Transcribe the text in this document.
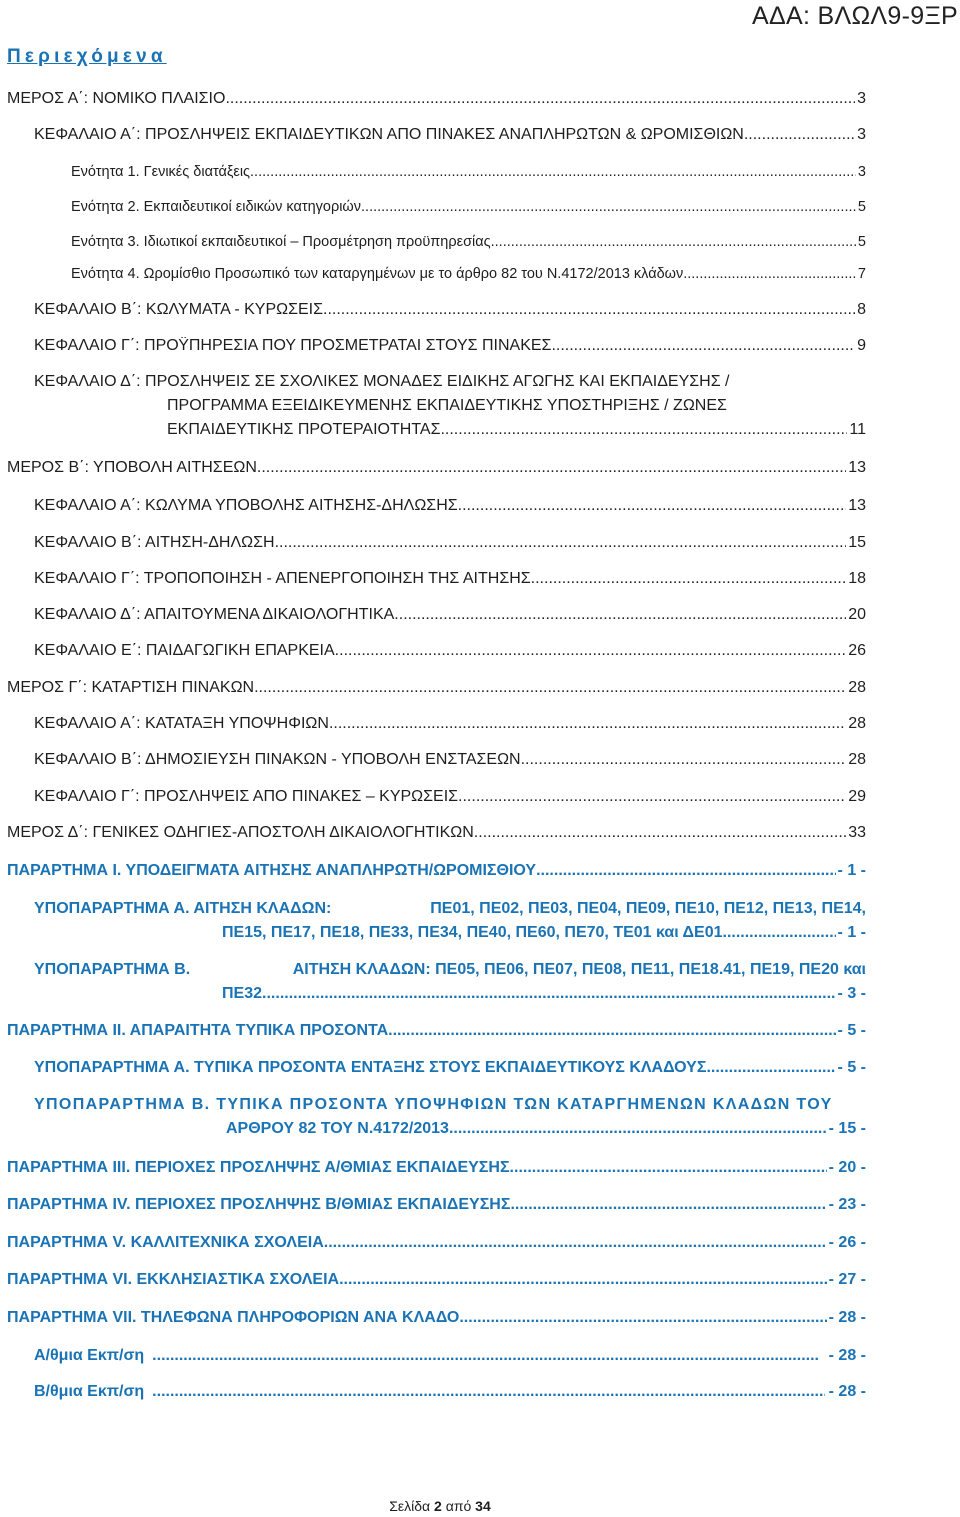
ΑΔΑ: ΒΛΩΛ9-9ΞΡ
Περιεχόμενα
ΜΕΡΟΣ Α΄: ΝΟΜΙΚΟ ΠΛΑΙΣΙΟ .....	3
ΚΕΦΑΛΑΙΟ Α΄: ΠΡΟΣΛΗΨΕΙΣ ΕΚΠΑΙΔΕΥΤΙΚΩΝ ΑΠΟ ΠΙΝΑΚΕΣ ΑΝΑΠΛΗΡΩΤΩΝ & ΩΡΟΜΙΣΘΙΩΝ .....	3
Ενότητα 1. Γενικές διατάξεις .....	3
Ενότητα 2. Εκπαιδευτικοί ειδικών κατηγοριών .....	5
Ενότητα 3. Ιδιωτικοί εκπαιδευτικοί – Προσμέτρηση προϋπηρεσίας .....	5
Ενότητα 4. Ωρομίσθιο Προσωπικό των καταργημένων με το άρθρο 82 του Ν.4172/2013 κλάδων .....	7
ΚΕΦΑΛΑΙΟ Β΄: ΚΩΛΥΜΑΤΑ - ΚΥΡΩΣΕΙΣ .....	8
ΚΕΦΑΛΑΙΟ Γ΄: ΠΡΟΫΠΗΡΕΣΙΑ ΠΟΥ ΠΡΟΣΜΕΤΡΑΤΑΙ ΣΤΟΥΣ ΠΙΝΑΚΕΣ .....	9
ΚΕΦΑΛΑΙΟ Δ΄: ΠΡΟΣΛΗΨΕΙΣ ΣΕ ΣΧΟΛΙΚΕΣ ΜΟΝΑΔΕΣ ΕΙΔΙΚΗΣ ΑΓΩΓΗΣ ΚΑΙ ΕΚΠΑΙΔΕΥΣΗΣ /
ΠΡΟΓΡΑΜΜΑ ΕΞΕΙΔΙΚΕΥΜΕΝΗΣ ΕΚΠΑΙΔΕΥΤΙΚΗΣ ΥΠΟΣΤΗΡΙΞΗΣ / ΖΩΝΕΣ
ΕΚΠΑΙΔΕΥΤΙΚΗΣ ΠΡΟΤΕΡΑΙΟΤΗΤΑΣ .....	11
ΜΕΡΟΣ Β΄: ΥΠΟΒΟΛΗ ΑΙΤΗΣΕΩΝ .....	13
ΚΕΦΑΛΑΙΟ Α΄: ΚΩΛΥΜΑ ΥΠΟΒΟΛΗΣ ΑΙΤΗΣΗΣ-ΔΗΛΩΣΗΣ .....	13
ΚΕΦΑΛΑΙΟ Β΄: ΑΙΤΗΣΗ-ΔΗΛΩΣΗ .....	15
ΚΕΦΑΛΑΙΟ Γ΄: ΤΡΟΠΟΠΟΙΗΣΗ - ΑΠΕΝΕΡΓΟΠΟΙΗΣΗ ΤΗΣ ΑΙΤΗΣΗΣ .....	18
ΚΕΦΑΛΑΙΟ Δ΄: ΑΠΑΙΤΟΥΜΕΝΑ ΔΙΚΑΙΟΛΟΓΗΤΙΚΑ .....	20
ΚΕΦΑΛΑΙΟ Ε΄: ΠΑΙΔΑΓΩΓΙΚΗ ΕΠΑΡΚΕΙΑ .....	26
ΜΕΡΟΣ Γ΄: ΚΑΤΑΡΤΙΣΗ ΠΙΝΑΚΩΝ .....	28
ΚΕΦΑΛΑΙΟ Α΄: ΚΑΤΑΤΑΞΗ ΥΠΟΨΗΦΙΩΝ .....	28
ΚΕΦΑΛΑΙΟ Β΄: ΔΗΜΟΣΙΕΥΣΗ ΠΙΝΑΚΩΝ - ΥΠΟΒΟΛΗ ΕΝΣΤΑΣΕΩΝ .....	28
ΚΕΦΑΛΑΙΟ Γ΄: ΠΡΟΣΛΗΨΕΙΣ ΑΠΟ ΠΙΝΑΚΕΣ – ΚΥΡΩΣΕΙΣ .....	29
ΜΕΡΟΣ Δ΄: ΓΕΝΙΚΕΣ ΟΔΗΓΙΕΣ-ΑΠΟΣΤΟΛΗ ΔΙΚΑΙΟΛΟΓΗΤΙΚΩΝ .....	33
ΠΑΡΑΡΤΗΜΑ Ι. ΥΠΟΔΕΙΓΜΑΤΑ ΑΙΤΗΣΗΣ ΑΝΑΠΛΗΡΩΤΗ/ΩΡΟΜΙΣΘΙΟΥ .....	- 1 -
ΥΠΟΠΑΡΑΡΤΗΜΑ Α. ΑΙΤΗΣΗ ΚΛΑΔΩΝ:	ΠΕ01, ΠΕ02, ΠΕ03, ΠΕ04, ΠΕ09, ΠΕ10, ΠΕ12, ΠΕ13, ΠΕ14,
ΠΕ15, ΠΕ17, ΠΕ18, ΠΕ33, ΠΕ34, ΠΕ40, ΠΕ60, ΠΕ70, ΤΕ01 και ΔΕ01 .....	- 1 -
ΥΠΟΠΑΡΑΡΤΗΜΑ Β.	ΑΙΤΗΣΗ ΚΛΑΔΩΝ: ΠΕ05, ΠΕ06, ΠΕ07, ΠΕ08, ΠΕ11, ΠΕ18.41, ΠΕ19, ΠΕ20 και
ΠΕ32 .....	- 3 -
ΠΑΡΑΡΤΗΜΑ ΙΙ. ΑΠΑΡΑΙΤΗΤΑ ΤΥΠΙΚΑ ΠΡΟΣΟΝΤΑ .....	- 5 -
ΥΠΟΠΑΡΑΡΤΗΜΑ Α. ΤΥΠΙΚΑ ΠΡΟΣΟΝΤΑ ΕΝΤΑΞΗΣ ΣΤΟΥΣ ΕΚΠΑΙΔΕΥΤΙΚΟΥΣ ΚΛΑΔΟΥΣ .....	- 5 -
ΥΠΟΠΑΡΑΡΤΗΜΑ Β. ΤΥΠΙΚΑ ΠΡΟΣΟΝΤΑ ΥΠΟΨΗΦΙΩΝ ΤΩΝ ΚΑΤΑΡΓΗΜΕΝΩΝ ΚΛΑΔΩΝ ΤΟΥ
ΑΡΘΡΟΥ 82 ΤΟΥ Ν.4172/2013. .....	- 15 -
ΠΑΡΑΡΤΗΜΑ ΙΙΙ. ΠΕΡΙΟΧΕΣ ΠΡΟΣΛΗΨΗΣ Α/ΘΜΙΑΣ ΕΚΠΑΙΔΕΥΣΗΣ .....	- 20 -
ΠΑΡΑΡΤΗΜΑ ΙV. ΠΕΡΙΟΧΕΣ ΠΡΟΣΛΗΨΗΣ Β/ΘΜΙΑΣ ΕΚΠΑΙΔΕΥΣΗΣ .....	- 23 -
ΠΑΡΑΡΤΗΜΑ V. ΚΑΛΛΙΤΕΧΝΙΚΑ ΣΧΟΛΕΙΑ .....	- 26 -
ΠΑΡΑΡΤΗΜΑ VI. ΕΚΚΛΗΣΙΑΣΤΙΚΑ ΣΧΟΛΕΙΑ .....	- 27 -
ΠΑΡΑΡΤΗΜΑ VII. ΤΗΛΕΦΩΝΑ ΠΛΗΡΟΦΟΡΙΩΝ ΑΝΑ ΚΛΑΔΟ .....	- 28 -
Α/θμια Εκπ/ση .....	- 28 -
Β/θμια Εκπ/ση .....	- 28 -
Σελίδα 2 από 34
